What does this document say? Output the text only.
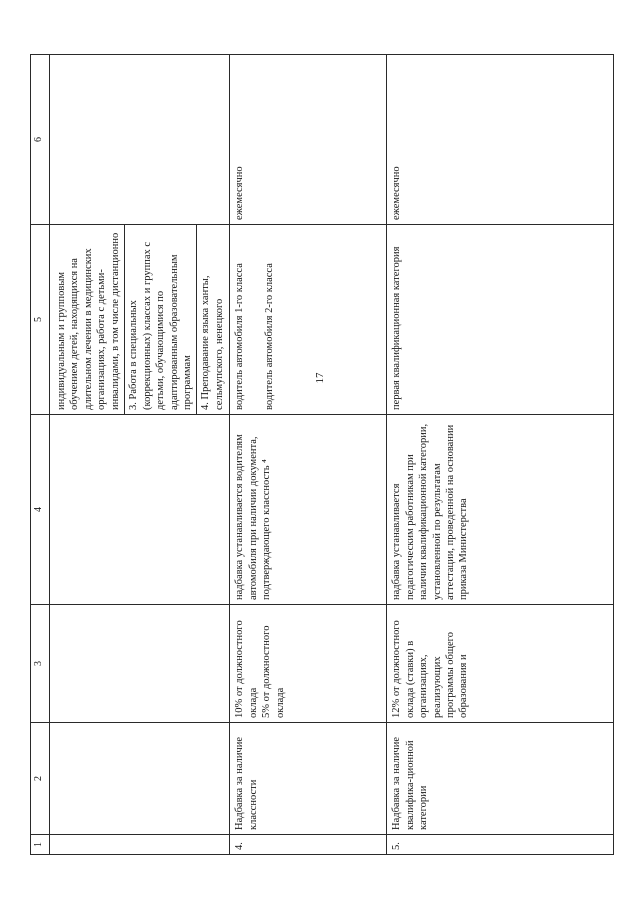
17
1	2	3	4	5	6

				индивидуальным и групповым обучением детей, находящихся на длительном лечении в медицинских организациях, работа с детьми-инвалидами, в том числе дистанционно 3. Работа в специальных (коррекционных) классах и группах с детьми, обучающимися по адаптированным образовательным программам 4. Преподавание языка ханты, сельмупского, ненецкого	

4.	Надбавка за наличие классности	10% от должностного оклада 5% от должностного оклада	надбавка устанавливается водителям автомобиля при наличии документа, подтверждающего классность ⁴	водитель автомобиля 1-го класса водитель автомобиля 2-го класса	ежемесячно
5.	Надбавка за наличие квалифика-ционной категории	12% от должностного оклада (ставки) в организациях, реализующих программы общего образования и	надбавка устанавливается педагогическим работникам при наличии квалификационной категории, установленной по результатам аттестации, проведенной на основании приказа Министерства	первая квалификационная категория	ежемесячно
